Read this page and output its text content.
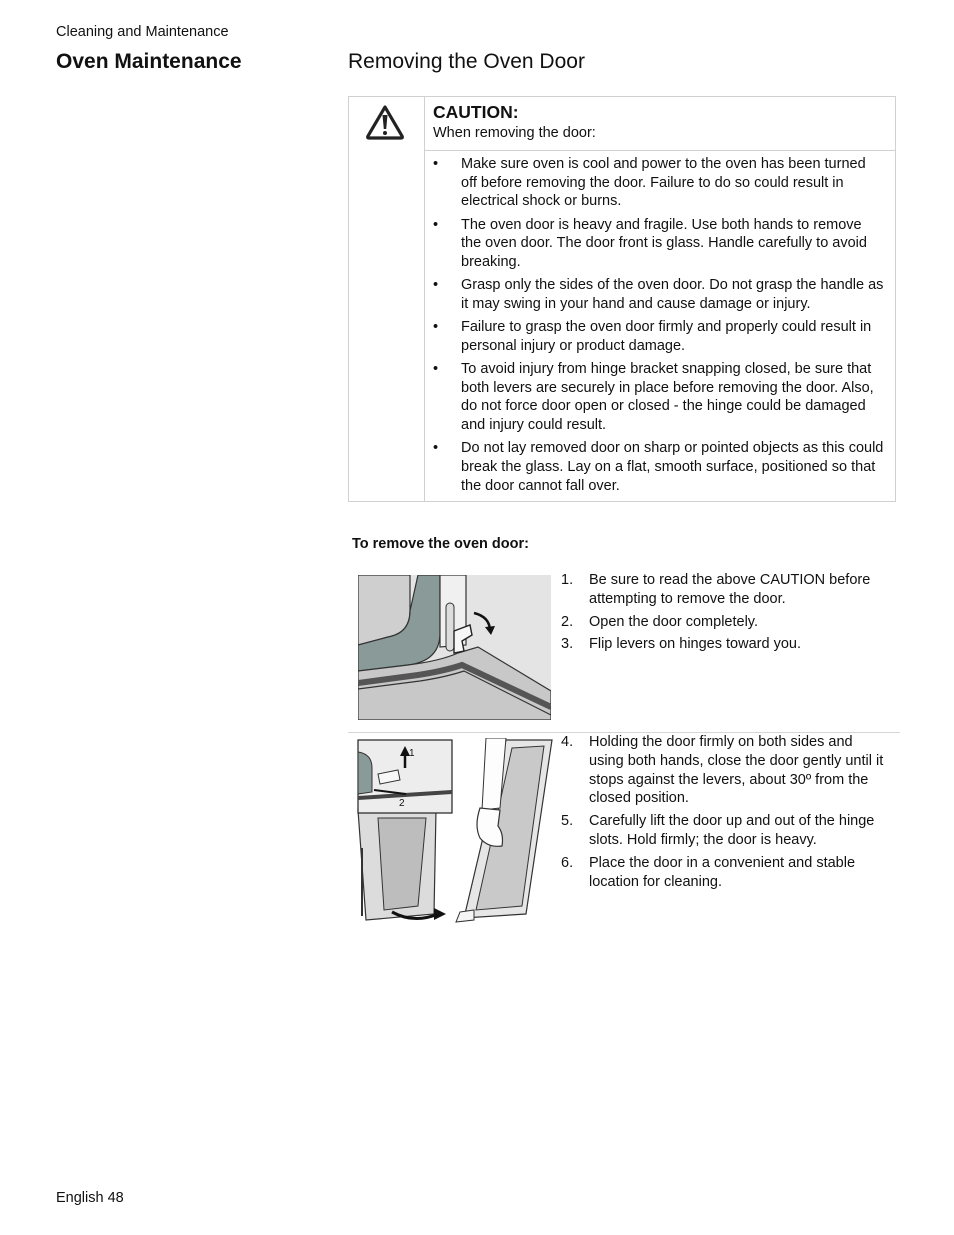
Cleaning and Maintenance
Oven Maintenance	Removing the Oven Door
CAUTION:
When removing the door:
• Make sure oven is cool and power to the oven has been turned off before removing the door. Failure to do so could result in electrical shock or burns.
• The oven door is heavy and fragile. Use both hands to remove the oven door. The door front is glass. Handle carefully to avoid breaking.
• Grasp only the sides of the oven door. Do not grasp the handle as it may swing in your hand and cause damage or injury.
• Failure to grasp the oven door firmly and properly could result in personal injury or product damage.
• To avoid injury from hinge bracket snapping closed, be sure that both levers are securely in place before removing the door. Also, do not force door open or closed - the hinge could be damaged and injury could result.
• Do not lay removed door on sharp or pointed objects as this could break the glass. Lay on a flat, smooth surface, positioned so that the door cannot fall over.
To remove the oven door:
1. Be sure to read the above CAUTION before attempting to remove the door.
2. Open the door completely.
3. Flip levers on hinges toward you.
1
2
4. Holding the door firmly on both sides and using both hands, close the door gently until it stops against the levers, about 30º from the closed position.
5. Carefully lift the door up and out of the hinge slots. Hold firmly; the door is heavy.
6. Place the door in a convenient and stable location for cleaning.
English 48
